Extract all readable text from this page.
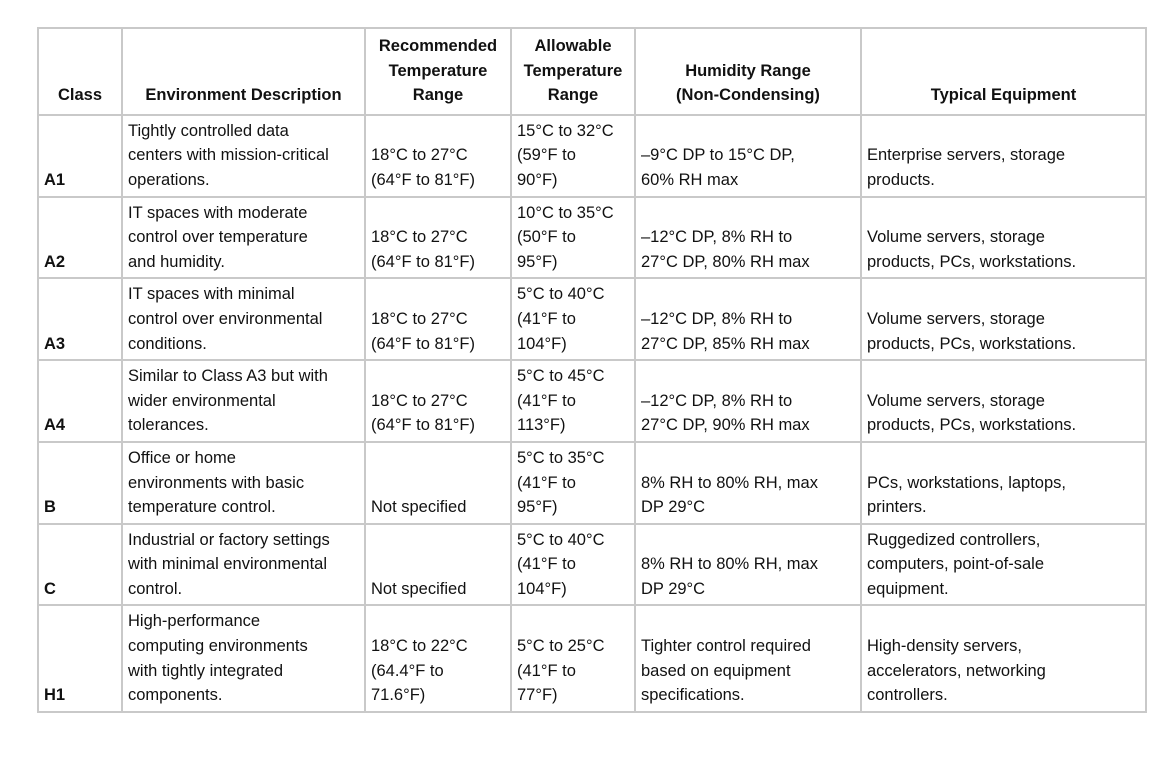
Class	Environment Description	Recommended
Temperature
Range	Allowable
Temperature
Range	Humidity Range
(Non-Condensing)	Typical Equipment
A1	Tightly controlled data
centers with mission-critical
operations.	18°C to 27°C
(64°F to 81°F)	15°C to 32°C
(59°F to
90°F)	–9°C DP to 15°C DP,
60% RH max	Enterprise servers, storage
products.
A2	IT spaces with moderate
control over temperature
and humidity.	18°C to 27°C
(64°F to 81°F)	10°C to 35°C
(50°F to
95°F)	–12°C DP, 8% RH to
27°C DP, 80% RH max	Volume servers, storage
products, PCs, workstations.
A3	IT spaces with minimal
control over environmental
conditions.	18°C to 27°C
(64°F to 81°F)	5°C to 40°C
(41°F to
104°F)	–12°C DP, 8% RH to
27°C DP, 85% RH max	Volume servers, storage
products, PCs, workstations.
A4	Similar to Class A3 but with
wider environmental
tolerances.	18°C to 27°C
(64°F to 81°F)	5°C to 45°C
(41°F to
113°F)	–12°C DP, 8% RH to
27°C DP, 90% RH max	Volume servers, storage
products, PCs, workstations.
B	Office or home
environments with basic
temperature control.	Not specified	5°C to 35°C
(41°F to
95°F)	8% RH to 80% RH, max
DP 29°C	PCs, workstations, laptops,
printers.
C	Industrial or factory settings
with minimal environmental
control.	Not specified	5°C to 40°C
(41°F to
104°F)	8% RH to 80% RH, max
DP 29°C	Ruggedized controllers,
computers, point-of-sale
equipment.
H1	High-performance
computing environments
with tightly integrated
components.	18°C to 22°C
(64.4°F to
71.6°F)	5°C to 25°C
(41°F to
77°F)	Tighter control required
based on equipment
specifications.	High-density servers,
accelerators, networking
controllers.
